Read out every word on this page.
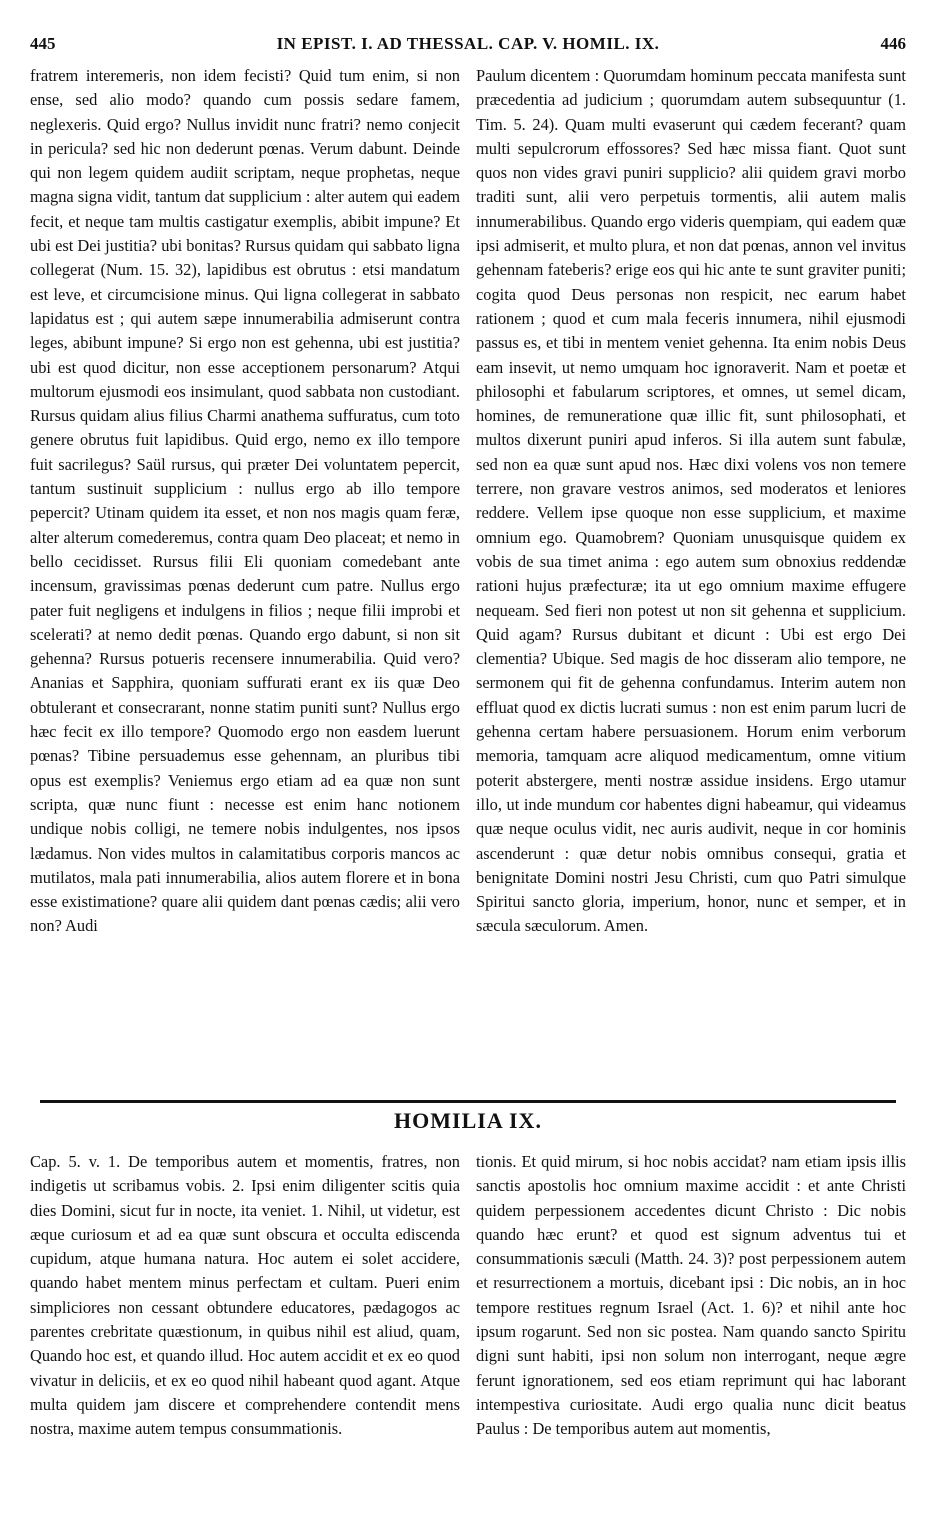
445	IN EPIST. I. AD THESSAL. CAP. V. HOMIL. IX.	446

fratrem interemeris, non idem fecisti? Quid tum enim, si non ense, sed alio modo? quando cum possis sedare famem, neglexeris. Quid ergo? Nullus invidit nunc fratri? nemo conjecit in pericula? sed hic non dederunt pœnas. Verum dabunt. Deinde qui non legem quidem audiit scriptam, neque prophetas, neque magna signa vidit, tantum dat supplicium : alter autem qui eadem fecit, et neque tam multis castigatur exemplis, abibit impune? Et ubi est Dei justitia? ubi bonitas? Rursus quidam qui sabbato ligna collegerat (Num. 15. 32), lapidibus est obrutus : etsi mandatum est leve, et circumcisione minus. Qui ligna collegerat in sabbato lapidatus est ; qui autem sæpe innumerabilia admiserunt contra leges, abibunt impune? Si ergo non est gehenna, ubi est justitia? ubi est quod dicitur, non esse acceptionem personarum? Atqui multorum ejusmodi eos insimulant, quod sabbata non custodiant. Rursus quidam alius filius Charmi anathema suffuratus, cum toto genere obrutus fuit lapidibus. Quid ergo, nemo ex illo tempore fuit sacrilegus? Saül rursus, qui præter Dei voluntatem pepercit, tantum sustinuit supplicium : nullus ergo ab illo tempore pepercit? Utinam quidem ita esset, et non nos magis quam feræ, alter alterum comederemus, contra quam Deo placeat; et nemo in bello cecidisset. Rursus filii Eli quoniam comedebant ante incensum, gravissimas pœnas dederunt cum patre. Nullus ergo pater fuit negligens et indulgens in filios ; neque filii improbi et scelerati? at nemo dedit pœnas. Quando ergo dabunt, si non sit gehenna? Rursus potueris recensere innumerabilia. Quid vero? Ananias et Sapphira, quoniam suffurati erant ex iis quæ Deo obtulerant et consecrarant, nonne statim puniti sunt? Nullus ergo hæc fecit ex illo tempore? Quomodo ergo non easdem luerunt pœnas? Tibine persuademus esse gehennam, an pluribus tibi opus est exemplis? Veniemus ergo etiam ad ea quæ non sunt scripta, quæ nunc fiunt : necesse est enim hanc notionem undique nobis colligi, ne temere nobis indulgentes, nos ipsos lædamus. Non vides multos in calamitatibus corporis mancos ac mutilatos, mala pati innumerabilia, alios autem florere et in bona esse existimatione? quare alii quidem dant pœnas cædis; alii vero non? Audi

Paulum dicentem : Quorumdam hominum peccata manifesta sunt præcedentia ad judicium ; quorumdam autem subsequuntur (1. Tim. 5. 24). Quam multi evaserunt qui cædem fecerant? quam multi sepulcrorum effossores? Sed hæc missa fiant. Quot sunt quos non vides gravi puniri supplicio? alii quidem gravi morbo traditi sunt, alii vero perpetuis tormentis, alii autem malis innumerabilibus. Quando ergo videris quempiam, qui eadem quæ ipsi admiserit, et multo plura, et non dat pœnas, annon vel invitus gehennam fateberis? erige eos qui hic ante te sunt graviter puniti; cogita quod Deus personas non respicit, nec earum habet rationem ; quod et cum mala feceris innumera, nihil ejusmodi passus es, et tibi in mentem veniet gehenna. Ita enim nobis Deus eam insevit, ut nemo umquam hoc ignoraverit. Nam et poetæ et philosophi et fabularum scriptores, et omnes, ut semel dicam, homines, de remuneratione quæ illic fit, sunt philosophati, et multos dixerunt puniri apud inferos. Si illa autem sunt fabulæ, sed non ea quæ sunt apud nos. Hæc dixi volens vos non temere terrere, non gravare vestros animos, sed moderatos et leniores reddere. Vellem ipse quoque non esse supplicium, et maxime omnium ego. Quamobrem? Quoniam unusquisque quidem ex vobis de sua timet anima : ego autem sum obnoxius reddendæ rationi hujus præfecturæ; ita ut ego omnium maxime effugere nequeam. Sed fieri non potest ut non sit gehenna et supplicium. Quid agam? Rursus dubitant et dicunt : Ubi est ergo Dei clementia? Ubique. Sed magis de hoc disseram alio tempore, ne sermonem qui fit de gehenna confundamus. Interim autem non effluat quod ex dictis lucrati sumus : non est enim parum lucri de gehenna certam habere persuasionem. Horum enim verborum memoria, tamquam acre aliquod medicamentum, omne vitium poterit abstergere, menti nostræ assidue insidens. Ergo utamur illo, ut inde mundum cor habentes digni habeamur, qui videamus quæ neque oculus vidit, nec auris audivit, neque in cor hominis ascenderunt : quæ detur nobis omnibus consequi, gratia et benignitate Domini nostri Jesu Christi, cum quo Patri simulque Spiritui sancto gloria, imperium, honor, nunc et semper, et in sæcula sæculorum. Amen.

HOMILIA IX.

Cap. 5. v. 1. De temporibus autem et momentis, fratres, non indigetis ut scribamus vobis. 2. Ipsi enim diligenter scitis quia dies Domini, sicut fur in nocte, ita veniet. 1. Nihil, ut videtur, est æque curiosum et ad ea quæ sunt obscura et occulta ediscenda cupidum, atque humana natura. Hoc autem ei solet accidere, quando habet mentem minus perfectam et cultam. Pueri enim simpliciores non cessant obtundere educatores, pædagogos ac parentes crebritate quæstionum, in quibus nihil est aliud, quam, Quando hoc est, et quando illud. Hoc autem accidit et ex eo quod vivatur in deliciis, et ex eo quod nihil habeant quod agant. Atque multa quidem jam discere et comprehendere contendit mens nostra, maxime autem tempus consummationis.

tionis. Et quid mirum, si hoc nobis accidat? nam etiam ipsis illis sanctis apostolis hoc omnium maxime accidit : et ante Christi quidem perpessionem accedentes dicunt Christo : Dic nobis quando hæc erunt? et quod est signum adventus tui et consummationis sæculi (Matth. 24. 3)? post perpessionem autem et resurrectionem a mortuis, dicebant ipsi : Dic nobis, an in hoc tempore restitues regnum Israel (Act. 1. 6)? et nihil ante hoc ipsum rogarunt. Sed non sic postea. Nam quando sancto Spiritu digni sunt habiti, ipsi non solum non interrogant, neque ægre ferunt ignorationem, sed eos etiam reprimunt qui hac laborant intempestiva curiositate. Audi ergo qualia nunc dicit beatus Paulus : De temporibus autem aut momentis,
